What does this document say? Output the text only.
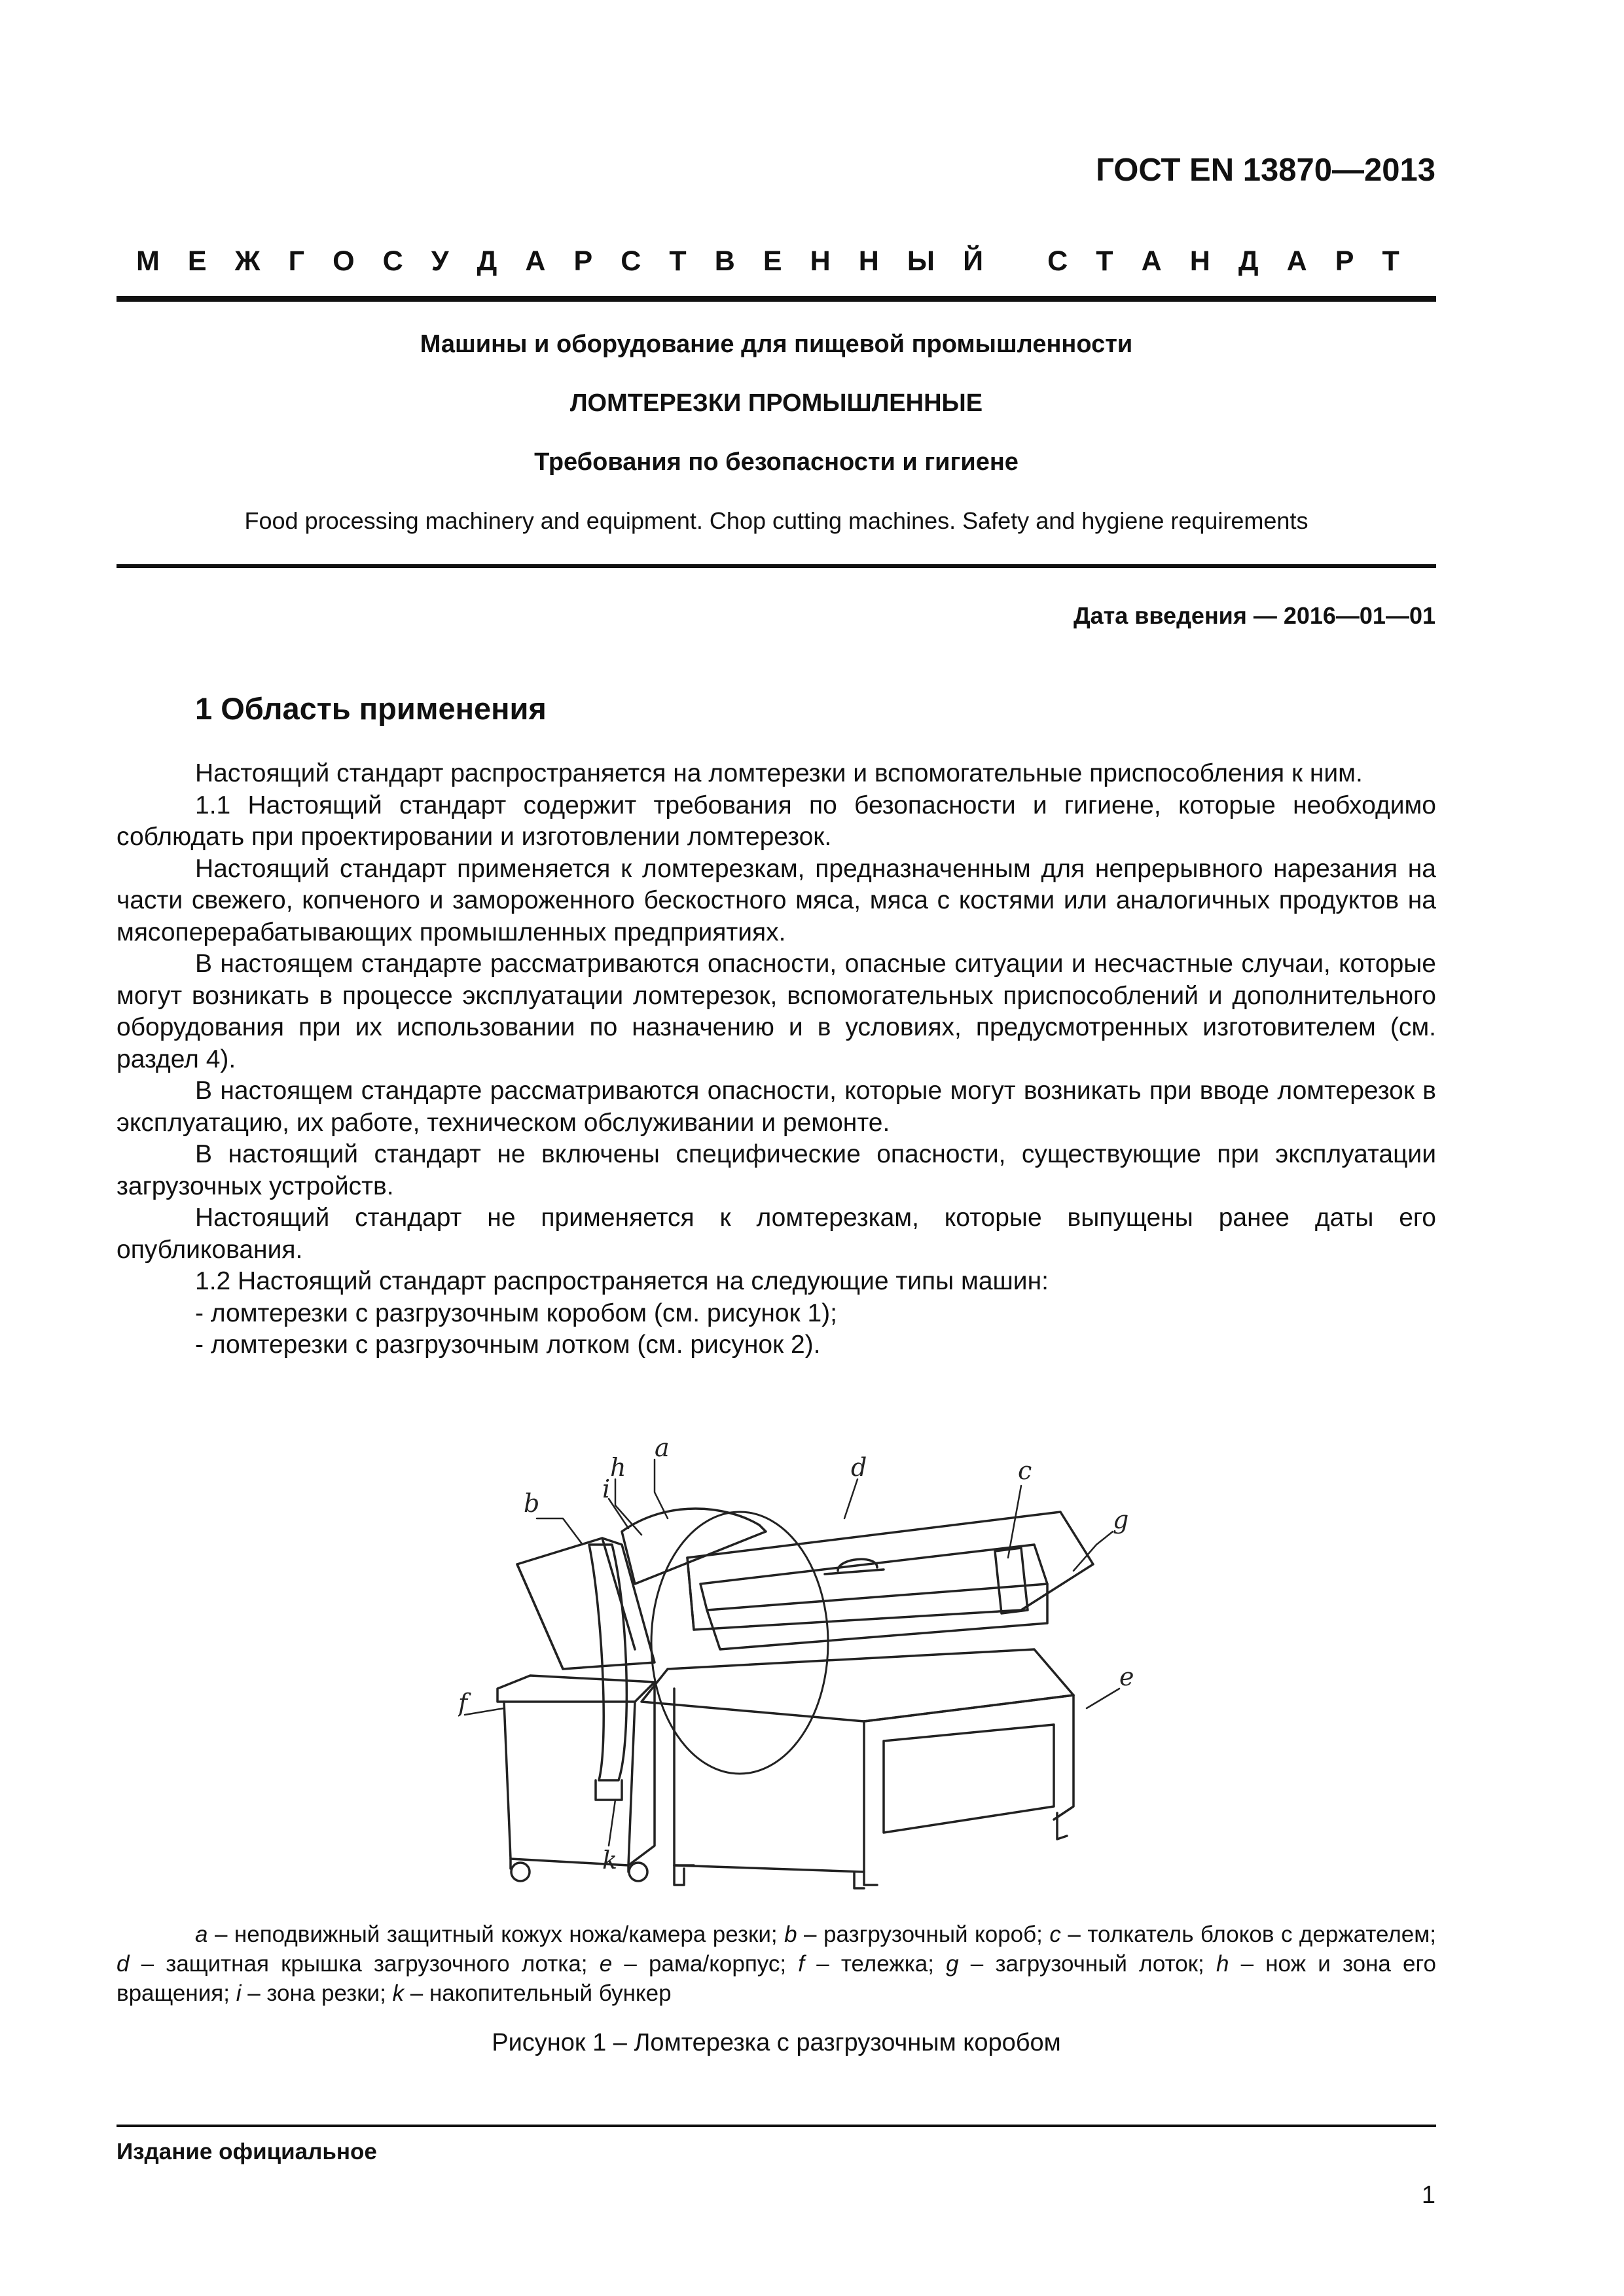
ГОСТ EN 13870—2013
М Е Ж Г О С У Д А Р С Т В Е Н Н Ы Й
С Т А Н Д А Р Т
Машины и оборудование для пищевой промышленности
ЛОМТЕРЕЗКИ ПРОМЫШЛЕННЫЕ
Требования по безопасности и гигиене
Food processing machinery and equipment. Chop cutting machines. Safety and hygiene requirements
Дата введения — 2016—01—01
1 Область применения

Настоящий стандарт распространяется на ломтерезки и вспомогательные приспособления к ним.

1.1 Настоящий стандарт содержит требования по безопасности и гигиене, которые необходимо соблюдать при проектировании и изготовлении ломтерезок.

Настоящий стандарт применяется к ломтерезкам, предназначенным для непрерывного нарезания на части свежего, копченого и замороженного бескостного мяса, мяса с костями или аналогичных продуктов на мясоперерабатывающих промышленных предприятиях.

В настоящем стандарте рассматриваются опасности, опасные ситуации и несчастные случаи, которые могут возникать в процессе эксплуатации ломтерезок, вспомогательных приспособлений и дополнительного оборудования при их использовании по назначению и в условиях, предусмотренных изготовителем (см. раздел 4).

В настоящем стандарте рассматриваются опасности, которые могут возникать при вводе ломтерезок в эксплуатацию, их работе, техническом обслуживании и ремонте.

В настоящий стандарт не включены специфические опасности, существующие при эксплуатации загрузочных устройств.

Настоящий стандарт не применяется к ломтерезкам, которые выпущены ранее даты его опубликования.

1.2 Настоящий стандарт распространяется на следующие типы машин:

- ломтерезки с разгрузочным коробом (см. рисунок 1);

- ломтерезки с разгрузочным лотком (см. рисунок 2).

a
b
c
d
e
f
g
h
i
k

a – неподвижный защитный кожух ножа/камера резки; b – разгрузочный короб; c – толкатель блоков с держателем; d – защитная крышка загрузочного лотка; e – рама/корпус; f – тележка; g – загрузочный лоток; h – нож и зона его вращения; i – зона резки; k – накопительный бункер

Рисунок 1 – Ломтерезка с разгрузочным коробом
Издание официальное
1
